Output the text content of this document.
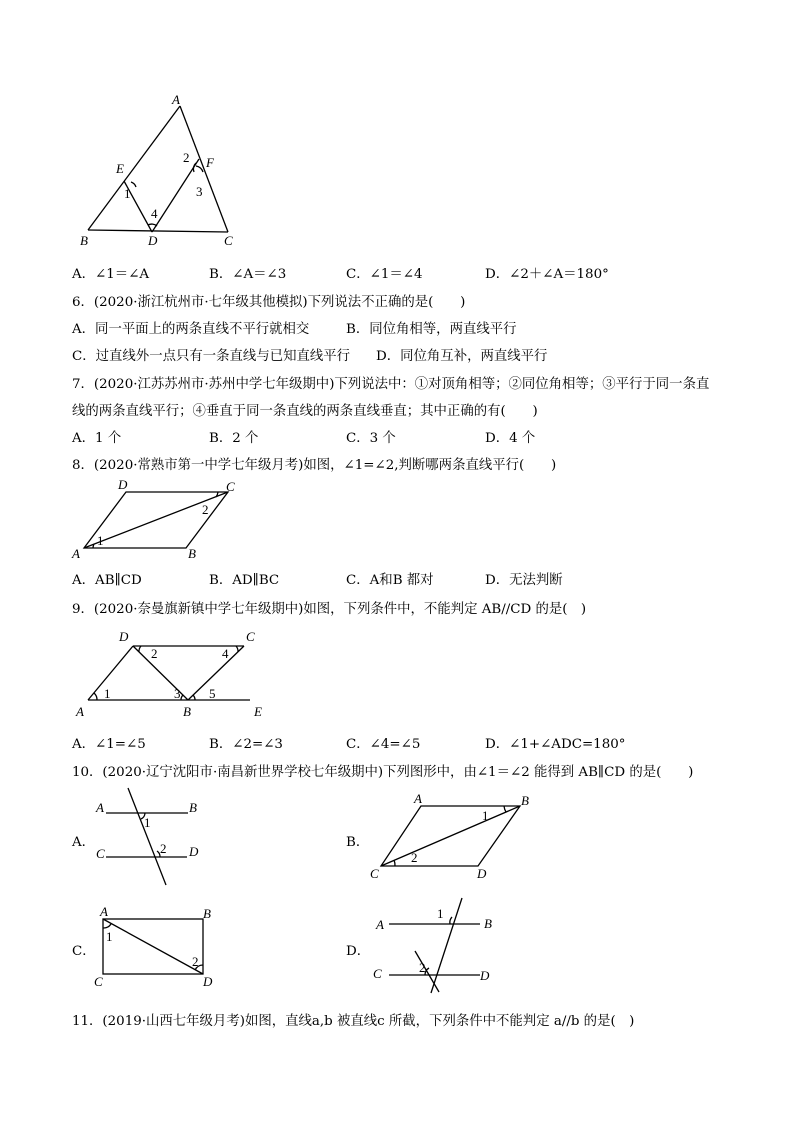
A
E	F
B	D	C
1
2
3
4
A．∠1＝∠A	B．∠A＝∠3	C．∠1＝∠4	D．∠2＋∠A＝180°
6．(2020·浙江杭州市·七年级其他模拟)下列说法不正确的是(　　)
A．同一平面上的两条直线不平行就相交	B．同位角相等，两直线平行
C．过直线外一点只有一条直线与已知直线平行 D．同位角互补，两直线平行
7．(2020·江苏苏州市·苏州中学七年级期中)下列说法中：①对顶角相等；②同位角相等；③平行于同一条直
线的两条直线平行；④垂直于同一条直线的两条直线垂直；其中正确的有(　　)
A．1 个	B．2 个	C．3 个	D．4 个
8．(2020·常熟市第一中学七年级月考)如图，∠1=∠2,判断哪两条直线平行(　　)
D	C
A	B
1
2
A．AB∥CD	B．AD∥BC	C．A和B 都对	D．无法判断
9．(2020·奈曼旗新镇中学七年级期中)如图，下列条件中，不能判定 AB//CD 的是(　)
D	C
A	B	E
1
2
3
4
5
A．∠1=∠5	B．∠2=∠3	C．∠4=∠5	D．∠1+∠ADC=180°
10．(2020·辽宁沈阳市·南昌新世界学校七年级期中)下列图形中，由∠1＝∠2 能得到 AB∥CD 的是(　　)
A．
A	B
C	D
1
2	B．
A	B
C	D
1
2
C．
A	B
C	D
1
2
D．
A	B
C	D
1
2
11．(2019·山西七年级月考)如图，直线a,b 被直线c 所截，下列条件中不能判定 a//b 的是(　)
